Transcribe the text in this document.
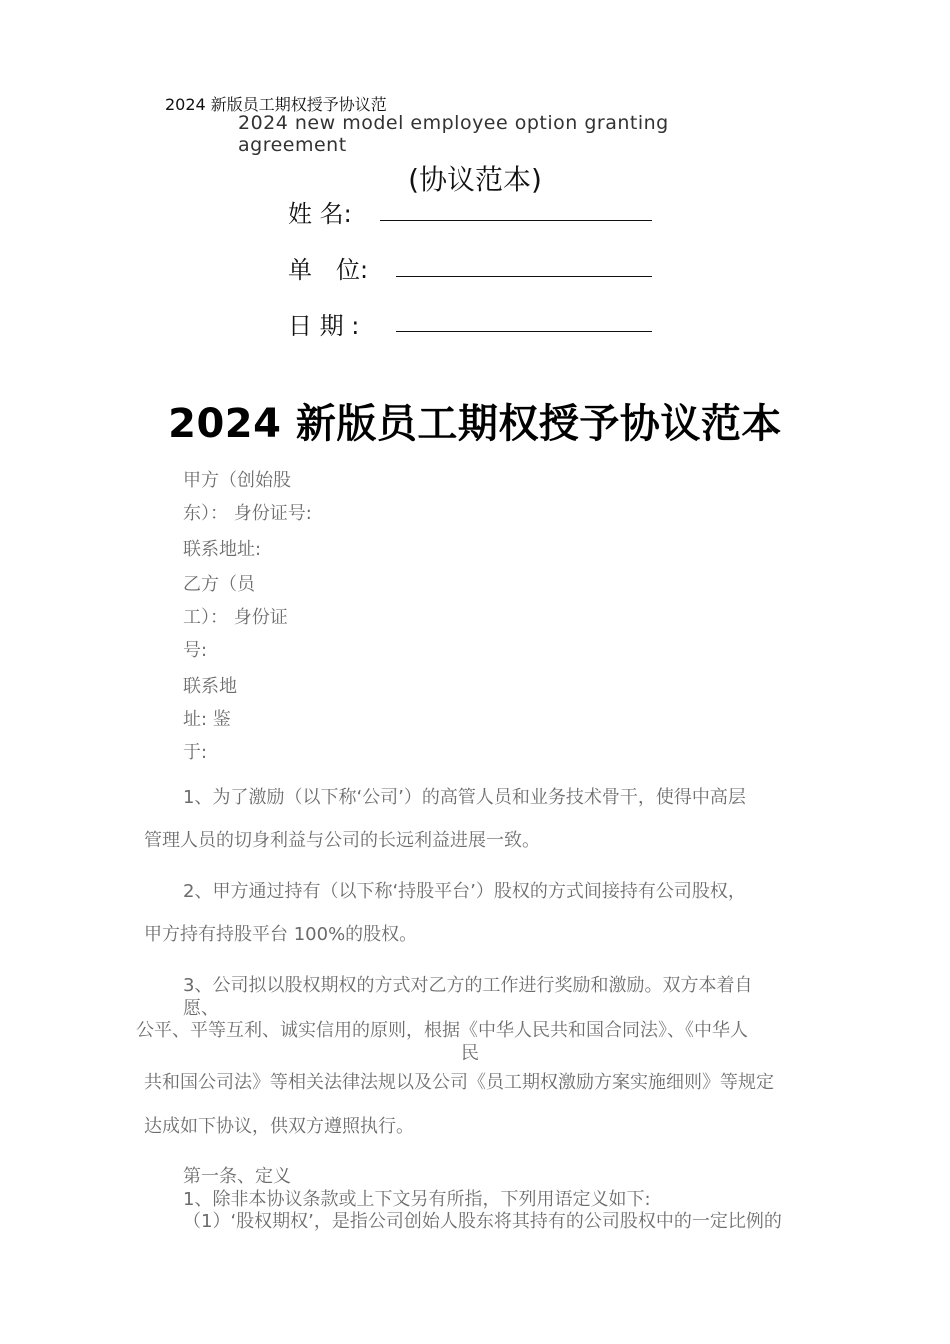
2024 新版员工期权授予协议范
2024 new model employee option granting agreement
(协议范本)
姓 名:
单　位:
日 期 :
2024 新版员工期权授予协议范本
甲方（创始股
东）： 身份证号:
联系地址:
乙方（员
工）： 身份证
号:
联系地
址: 鉴
于:
1、为了激励（以下称‘公司’）的高管人员和业务技术骨干，使得中高层
管理人员的切身利益与公司的长远利益进展一致。
2、甲方通过持有（以下称‘持股平台’）股权的方式间接持有公司股权，
甲方持有持股平台 100%的股权。
3、公司拟以股权期权的方式对乙方的工作进行奖励和激励。双方本着自
愿、
公平、平等互利、诚实信用的原则，根据《中华人民共和国合同法》、《中华人
民
共和国公司法》等相关法律法规以及公司《员工期权激励方案实施细则》等规定
达成如下协议，供双方遵照执行。
第一条、定义
1、除非本协议条款或上下文另有所指，下列用语定义如下:
（1）‘股权期权’，是指公司创始人股东将其持有的公司股权中的一定比例的
